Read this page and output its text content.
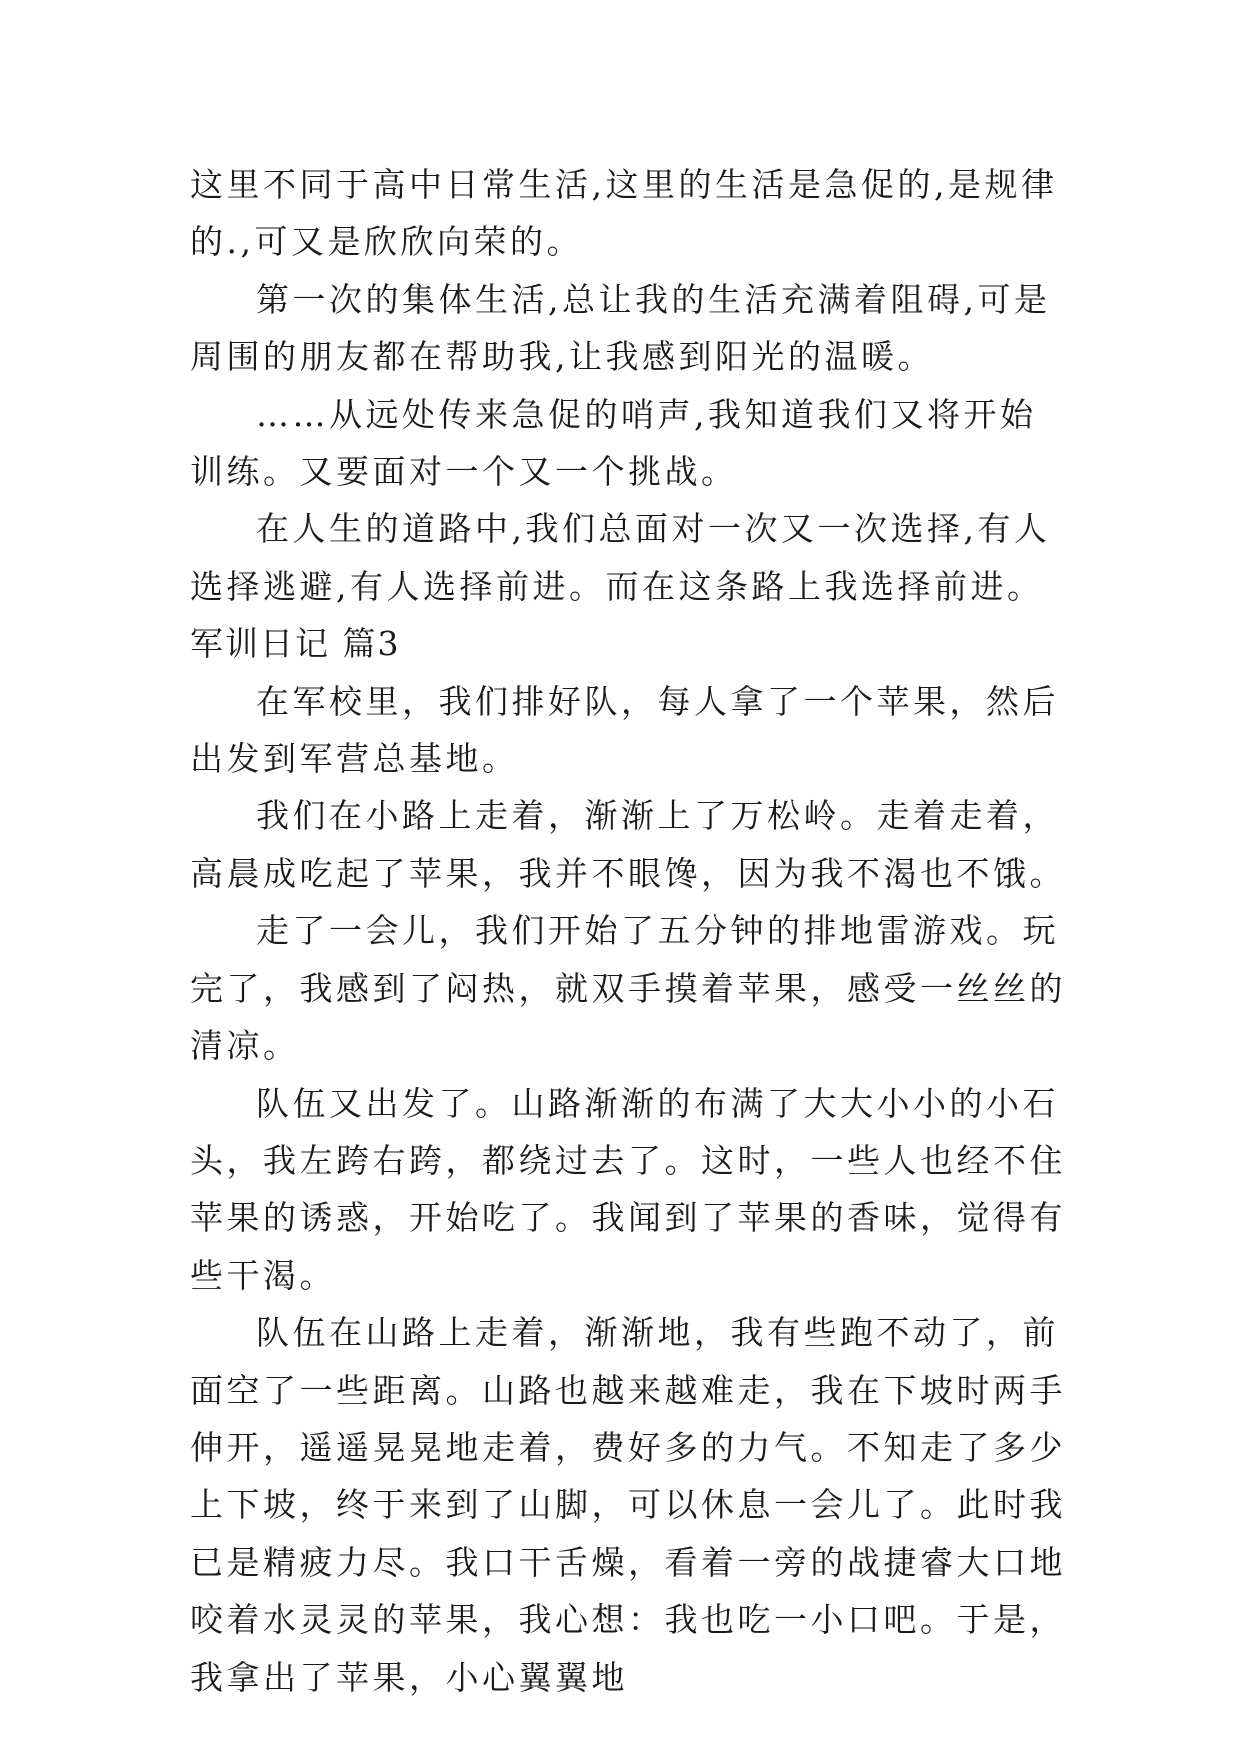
这里不同于高中日常生活,这里的生活是急促的,是规律的.,可又是欣欣向荣的。

第一次的集体生活,总让我的生活充满着阻碍,可是周围的朋友都在帮助我,让我感到阳光的温暖。

……从远处传来急促的哨声,我知道我们又将开始训练。又要面对一个又一个挑战。

在人生的道路中,我们总面对一次又一次选择,有人选择逃避,有人选择前进。而在这条路上我选择前进。

军训日记 篇3

在军校里，我们排好队，每人拿了一个苹果，然后出发到军营总基地。

我们在小路上走着，渐渐上了万松岭。走着走着，高晨成吃起了苹果，我并不眼馋，因为我不渴也不饿。

走了一会儿，我们开始了五分钟的排地雷游戏。玩完了，我感到了闷热，就双手摸着苹果，感受一丝丝的清凉。

队伍又出发了。山路渐渐的布满了大大小小的小石头，我左跨右跨，都绕过去了。这时，一些人也经不住苹果的诱惑，开始吃了。我闻到了苹果的香味，觉得有些干渴。

队伍在山路上走着，渐渐地，我有些跑不动了，前面空了一些距离。山路也越来越难走，我在下坡时两手伸开，遥遥晃晃地走着，费好多的力气。不知走了多少上下坡，终于来到了山脚，可以休息一会儿了。此时我已是精疲力尽。我口干舌燥，看着一旁的战捷睿大口地咬着水灵灵的苹果，我心想：我也吃一小口吧。于是，我拿出了苹果，小心翼翼地
